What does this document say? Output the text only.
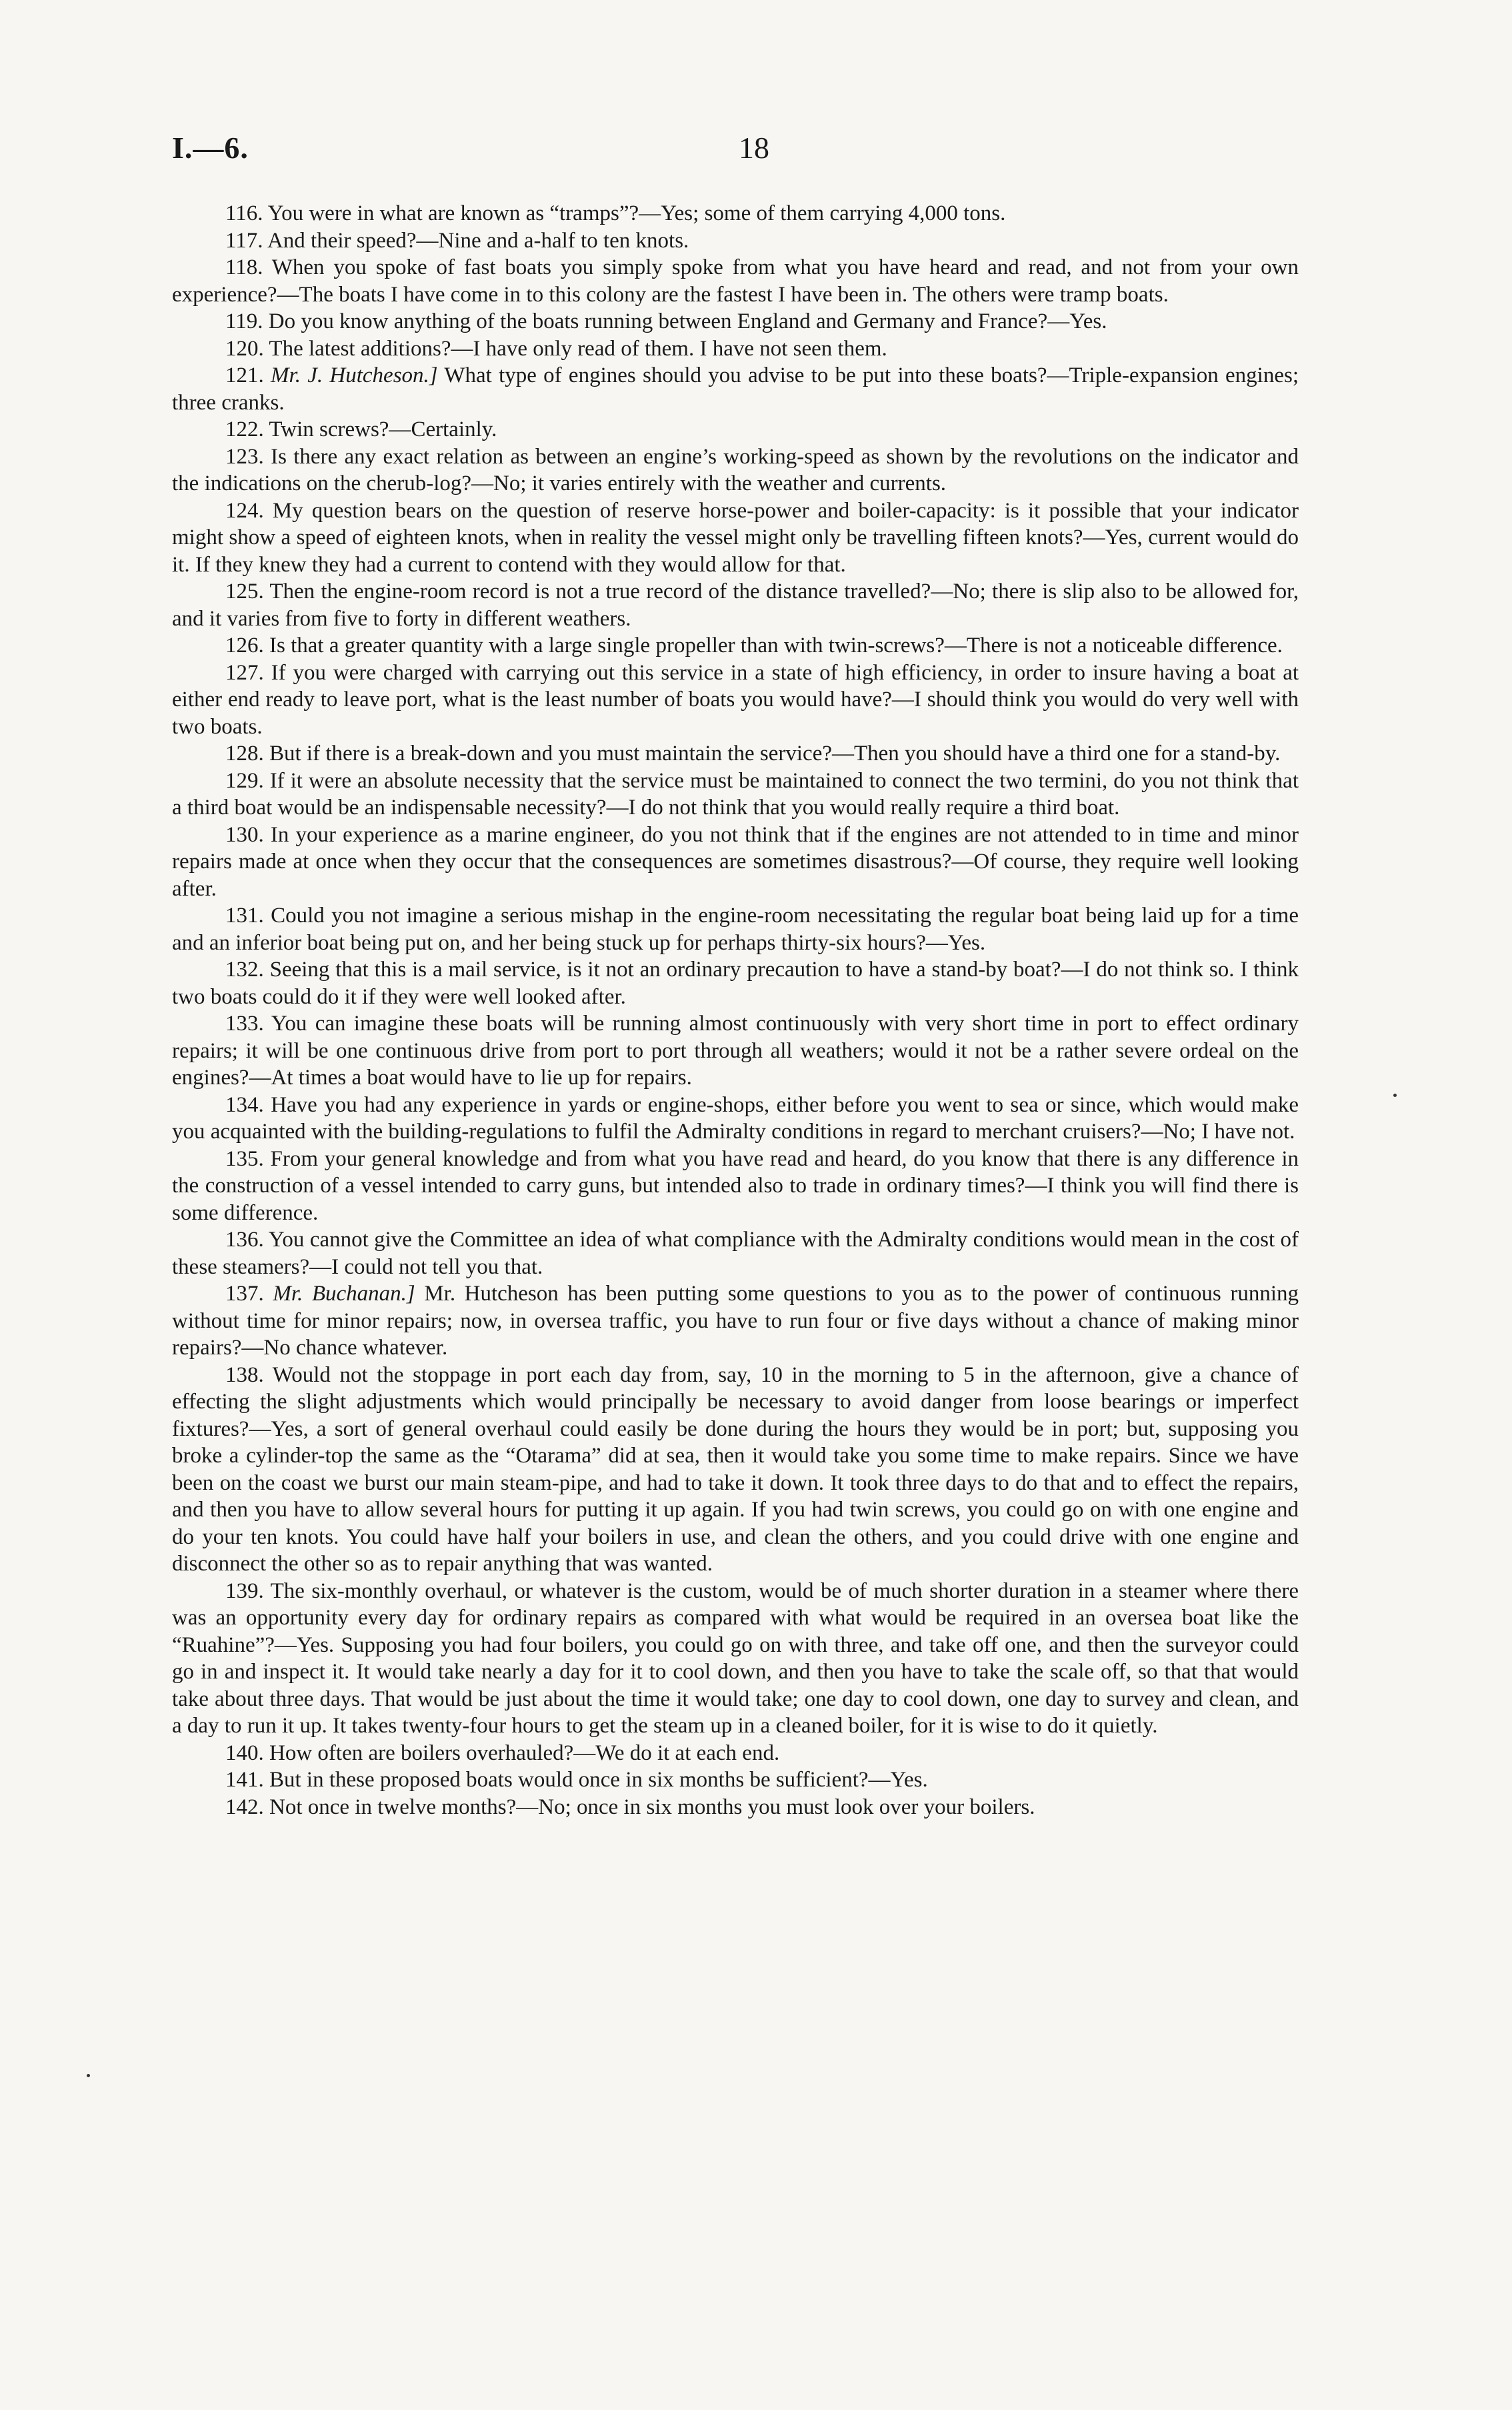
I.—6.	18

116. You were in what are known as “tramps”?—Yes; some of them carrying 4,000 tons.

117. And their speed?—Nine and a-half to ten knots.

118. When you spoke of fast boats you simply spoke from what you have heard and read, and not from your own experience?—The boats I have come in to this colony are the fastest I have been in. The others were tramp boats.

119. Do you know anything of the boats running between England and Germany and France?—Yes.

120. The latest additions?—I have only read of them. I have not seen them.

121. Mr. J. Hutcheson.] What type of engines should you advise to be put into these boats?—Triple-expansion engines; three cranks.

122. Twin screws?—Certainly.

123. Is there any exact relation as between an engine’s working-speed as shown by the revolutions on the indicator and the indications on the cherub-log?—No; it varies entirely with the weather and currents.

124. My question bears on the question of reserve horse-power and boiler-capacity: is it possible that your indicator might show a speed of eighteen knots, when in reality the vessel might only be travelling fifteen knots?—Yes, current would do it. If they knew they had a current to contend with they would allow for that.

125. Then the engine-room record is not a true record of the distance travelled?—No; there is slip also to be allowed for, and it varies from five to forty in different weathers.

126. Is that a greater quantity with a large single propeller than with twin-screws?—There is not a noticeable difference.

127. If you were charged with carrying out this service in a state of high efficiency, in order to insure having a boat at either end ready to leave port, what is the least number of boats you would have?—I should think you would do very well with two boats.

128. But if there is a break-down and you must maintain the service?—Then you should have a third one for a stand-by.

129. If it were an absolute necessity that the service must be maintained to connect the two termini, do you not think that a third boat would be an indispensable necessity?—I do not think that you would really require a third boat.

130. In your experience as a marine engineer, do you not think that if the engines are not attended to in time and minor repairs made at once when they occur that the consequences are sometimes disastrous?—Of course, they require well looking after.

131. Could you not imagine a serious mishap in the engine-room necessitating the regular boat being laid up for a time and an inferior boat being put on, and her being stuck up for perhaps thirty-six hours?—Yes.

132. Seeing that this is a mail service, is it not an ordinary precaution to have a stand-by boat?—I do not think so. I think two boats could do it if they were well looked after.

133. You can imagine these boats will be running almost continuously with very short time in port to effect ordinary repairs; it will be one continuous drive from port to port through all weathers; would it not be a rather severe ordeal on the engines?—At times a boat would have to lie up for repairs.

134. Have you had any experience in yards or engine-shops, either before you went to sea or since, which would make you acquainted with the building-regulations to fulfil the Admiralty conditions in regard to merchant cruisers?—No; I have not.

135. From your general knowledge and from what you have read and heard, do you know that there is any difference in the construction of a vessel intended to carry guns, but intended also to trade in ordinary times?—I think you will find there is some difference.

136. You cannot give the Committee an idea of what compliance with the Admiralty conditions would mean in the cost of these steamers?—I could not tell you that.

137. Mr. Buchanan.] Mr. Hutcheson has been putting some questions to you as to the power of continuous running without time for minor repairs; now, in oversea traffic, you have to run four or five days without a chance of making minor repairs?—No chance whatever.

138. Would not the stoppage in port each day from, say, 10 in the morning to 5 in the afternoon, give a chance of effecting the slight adjustments which would principally be necessary to avoid danger from loose bearings or imperfect fixtures?—Yes, a sort of general overhaul could easily be done during the hours they would be in port; but, supposing you broke a cylinder-top the same as the “Otarama” did at sea, then it would take you some time to make repairs. Since we have been on the coast we burst our main steam-pipe, and had to take it down. It took three days to do that and to effect the repairs, and then you have to allow several hours for putting it up again. If you had twin screws, you could go on with one engine and do your ten knots. You could have half your boilers in use, and clean the others, and you could drive with one engine and disconnect the other so as to repair anything that was wanted.

139. The six-monthly overhaul, or whatever is the custom, would be of much shorter duration in a steamer where there was an opportunity every day for ordinary repairs as compared with what would be required in an oversea boat like the “Ruahine”?—Yes. Supposing you had four boilers, you could go on with three, and take off one, and then the surveyor could go in and inspect it. It would take nearly a day for it to cool down, and then you have to take the scale off, so that that would take about three days. That would be just about the time it would take; one day to cool down, one day to survey and clean, and a day to run it up. It takes twenty-four hours to get the steam up in a cleaned boiler, for it is wise to do it quietly.

140. How often are boilers overhauled?—We do it at each end.

141. But in these proposed boats would once in six months be sufficient?—Yes.

142. Not once in twelve months?—No; once in six months you must look over your boilers.
